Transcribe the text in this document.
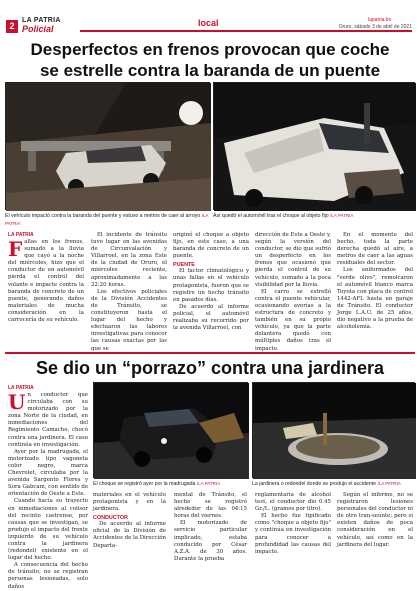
2
LA PATRIA
Policial
local	lapatria.bo
Oruro, sábado 3 de abril de 2021
Desperfectos en frenos provocan que coche se estrelle contra la baranda de un puente
El vehículo impactó contra la baranda del puente y estuvo a metros de caer al arroyo /LA PATRIA
Así quedó el automóvil tras el choque al objeto fijo /LA PATRIA
LA PATRIA
Fallas en los frenos, sumado a la lluvia que cayó a la noche del miércoles, hizo que el conductor de un automóvil pierda el control del volante e impacte contra la baranda de concreto de un puente, generando daños materiales de mucha consideración en la carrocería de su vehículo.

El incidente de tránsito tuvo lugar en las avenidas de Circunvalación y Villarroel, en la zona Este de la ciudad de Oruro, el miércoles reciente, aproximadamente a las 22:20 horas.

Los efectivos policiales de la División Accidentes de Tránsito, se constituyeron hasta el lugar del hecho y efectuaron las labores investigativas para conocer las causas exactas por las que se

originó el choque a objeto fijo, en este caso, a una baranda de concreto de un puente.

PUENTE

El factor climatológico y unas fallas en el vehículo protagonista, fueron que se registre un hecho tránsito en pasados días.

De acuerdo al informe policial, el automóvil realizaba su recorrido por la avenida Villarroel, con

dirección de Este a Oeste y, según la versión del conductor, se dio que sufrió un desperfecto en los frenos que ocasionó que pierda el control de su vehículo, sumado a la poca visibilidad por la lluvia.

El carro se estrelló contra el puente vehicular, ocasionando averías a la estructura de concreto y también en su propio vehículo, ya que la parte delantera quedó con múltiples daños tras el impacto.

En el momento del hecho, toda la parte derecha quedó al aire, a metros de caer a las aguas residuales del sector.

Los uniformados del "verde olivo", remolcaron el automóvil blanco marca Toyota con placa de control 1442-AFL hasta un garaje de Tránsito. El conductor Jorge L.A.U. de 25 años, dio negativo a la prueba de alcoholemia.

Se dio un “porrazo” contra una jardinera
LA PATRIA
Un conductor que circulaba con su motorizado por la zona Norte de la ciudad, en inmediaciones del Regimiento Camacho, chocó contra una jardinera. El caso continúa en investigación.

Ayer por la madrugada, el motorizado tipo vagoneta color negro, marca Chevrolet, circulaba por la avenida Sargento Flores y Sora Gabcam, con sentido de orientación de Oeste a Este.

Cuando hacía su trayecto en inmediaciones al colisor del recinto castrense, por causas que se investigan, se produjo el impacto del frente izquierdo de su vehículo contra la jardinera (redondel) existente en el lugar del hecho.

A consecuencia del hecho de tránsito, no se registran personas lesionadas, solo daños

El choque se registró ayer por la madrugada /LA PATRIA	La jardinera o redondel donde se produjo el accidente /LA PATRIA

materiales en el vehículo protagonista y en la jardinera.

CONDUCTOR

De acuerdo al informe oficial de la División de Accidentes de la Dirección Departa-

mental de Tránsito, el hecho se registró alrededor de las 04:15 horas del viernes.

El motorizado de servicio particular implicado, estaba conducido por César A.Z.A. de 30 años. Durante la prueba

reglamentaria de alcohol test, el conductor dio 0.45 Gr./L. (gramos por litro).

El hecho fue tipificado como "choque a objeto fijo" y continúa en investigación para conocer a profundidad las causas del impacto.

Según el informe, no se registraron lesiones personales del conductor ni de otro tran-seúnte; pero si existen daños de poca consideración en el vehículo, así como en la jardinera del lugar.
